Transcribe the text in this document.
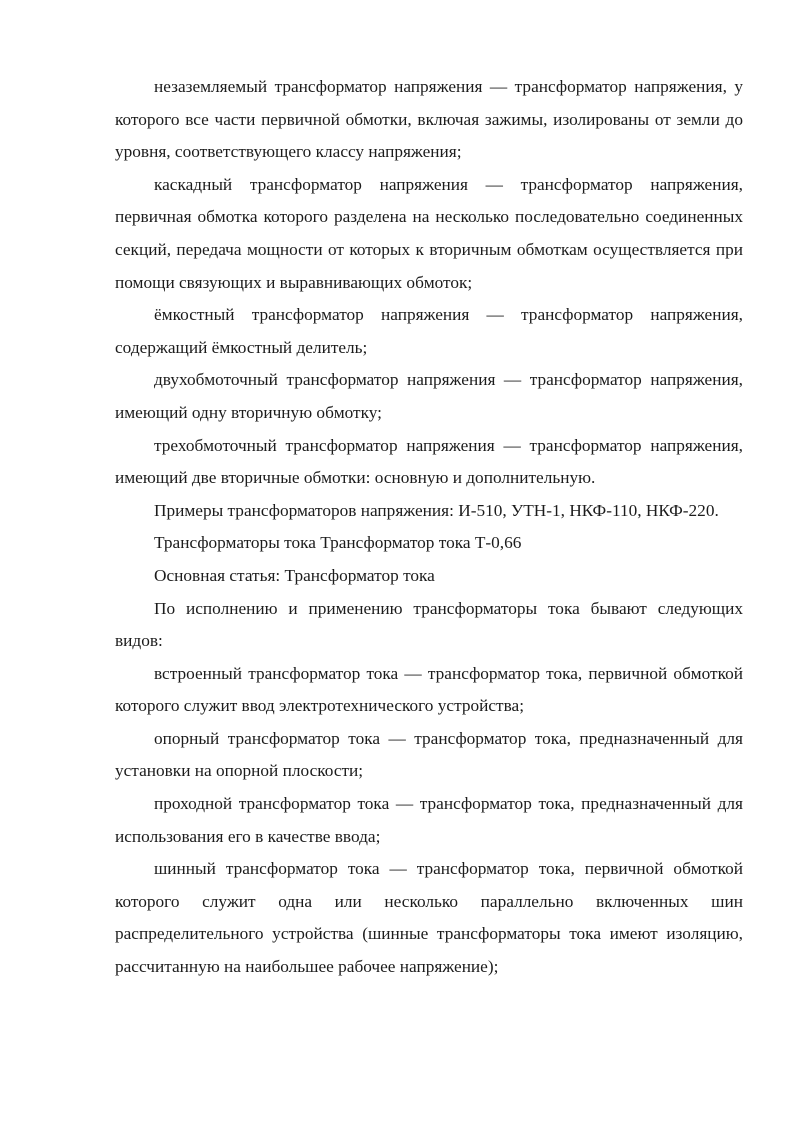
незаземляемый трансформатор напряжения — трансформатор напряжения, у которого все части первичной обмотки, включая зажимы, изолированы от земли до уровня, соответствующего классу напряжения;

каскадный трансформатор напряжения — трансформатор напряжения, первичная обмотка которого разделена на несколько последовательно соединенных секций, передача мощности от которых к вторичным обмоткам осуществляется при помощи связующих и выравнивающих обмоток;

ёмкостный трансформатор напряжения — трансформатор напряжения, содержащий ёмкостный делитель;

двухобмоточный трансформатор напряжения — трансформатор напряжения, имеющий одну вторичную обмотку;

трехобмоточный трансформатор напряжения — трансформатор напряжения, имеющий две вторичные обмотки: основную и дополнительную.

Примеры трансформаторов напряжения: И-510, УТН-1, НКФ-110, НКФ-220.

Трансформаторы тока Трансформатор тока Т-0,66

Основная статья: Трансформатор тока

По исполнению и применению трансформаторы тока бывают следующих видов:

встроенный трансформатор тока — трансформатор тока, первичной обмоткой которого служит ввод электротехнического устройства;

опорный трансформатор тока — трансформатор тока, предназначенный для установки на опорной плоскости;

проходной трансформатор тока — трансформатор тока, предназначенный для использования его в качестве ввода;

шинный трансформатор тока — трансформатор тока, первичной обмоткой которого служит одна или несколько параллельно включенных шин распределительного устройства (шинные трансформаторы тока имеют изоляцию, рассчитанную на наибольшее рабочее напряжение);
